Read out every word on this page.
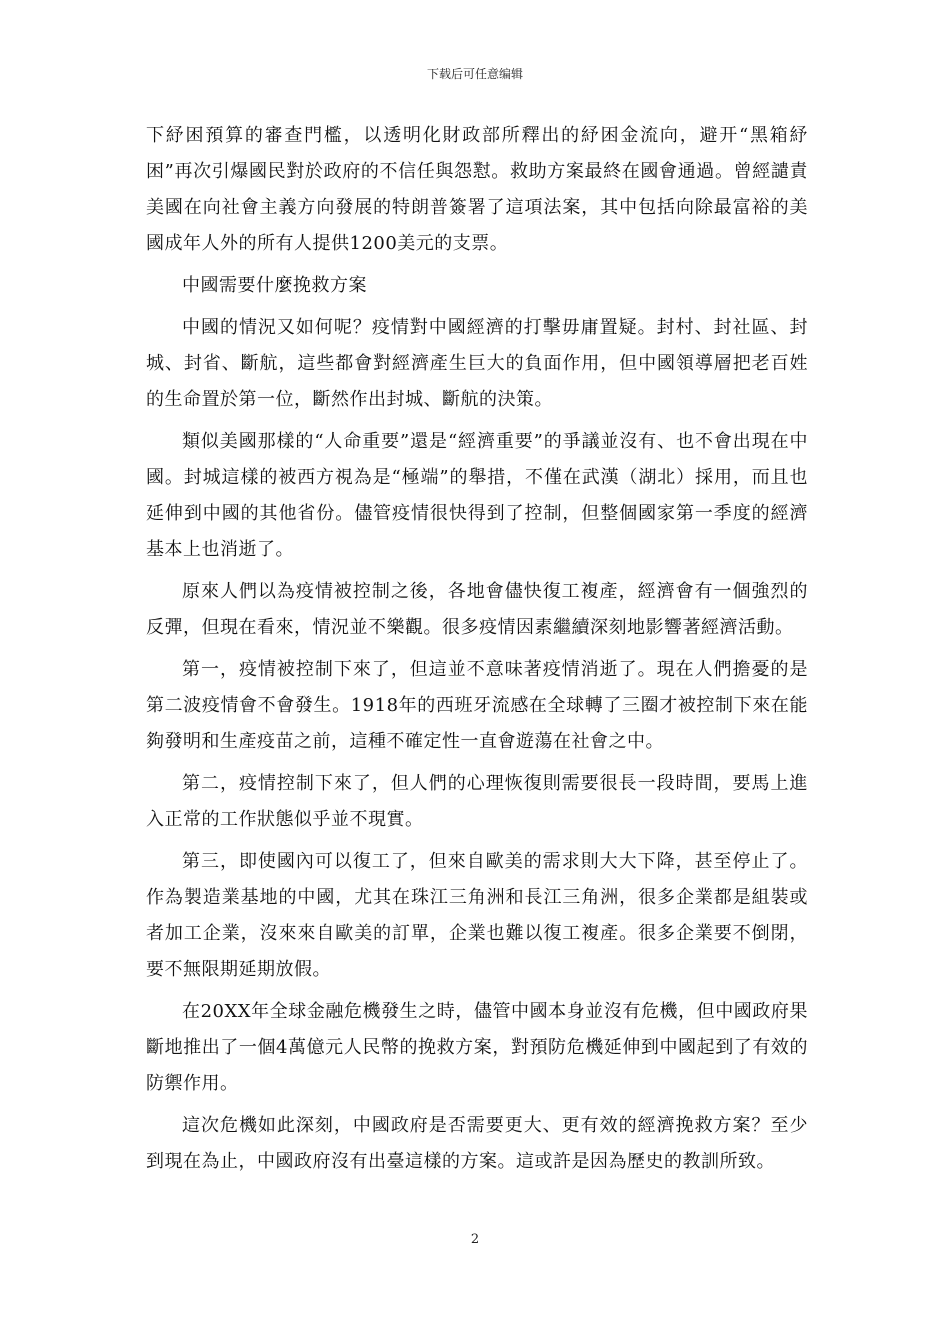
下载后可任意编辑

下紓困預算的審查門檻，以透明化財政部所釋出的紓困金流向，避开“黑箱紓困”再次引爆國民對於政府的不信任與怨懟。救助方案最終在國會通過。曾經譴責美國在向社會主義方向發展的特朗普簽署了這項法案，其中包括向除最富裕的美國成年人外的所有人提供1200美元的支票。

中國需要什麼挽救方案

中國的情況又如何呢？疫情對中國經濟的打擊毋庸置疑。封村、封社區、封城、封省、斷航，這些都會對經濟產生巨大的負面作用，但中國領導層把老百姓的生命置於第一位，斷然作出封城、斷航的決策。

類似美國那樣的“人命重要”還是“經濟重要”的爭議並沒有、也不會出現在中國。封城這樣的被西方視為是“極端”的舉措，不僅在武漢（湖北）採用，而且也延伸到中國的其他省份。儘管疫情很快得到了控制，但整個國家第一季度的經濟基本上也消逝了。

原來人們以為疫情被控制之後，各地會儘快復工複產，經濟會有一個強烈的反彈，但現在看來，情況並不樂觀。很多疫情因素繼續深刻地影響著經濟活動。

第一，疫情被控制下來了，但這並不意味著疫情消逝了。現在人們擔憂的是第二波疫情會不會發生。1918年的西班牙流感在全球轉了三圈才被控制下來在能夠發明和生產疫苗之前，這種不確定性一直會遊蕩在社會之中。

第二，疫情控制下來了，但人們的心理恢復則需要很長一段時間，要馬上進入正常的工作狀態似乎並不現實。

第三，即使國內可以復工了，但來自歐美的需求則大大下降，甚至停止了。作為製造業基地的中國，尤其在珠江三角洲和長江三角洲，很多企業都是組裝或者加工企業，沒來來自歐美的訂單，企業也難以復工複產。很多企業要不倒閉，要不無限期延期放假。

在20XX年全球金融危機發生之時，儘管中國本身並沒有危機，但中國政府果斷地推出了一個4萬億元人民幣的挽救方案，對預防危機延伸到中國起到了有效的防禦作用。

這次危機如此深刻，中國政府是否需要更大、更有效的經濟挽救方案？至少到現在為止，中國政府沒有出臺這樣的方案。這或許是因為歷史的教訓所致。

2
